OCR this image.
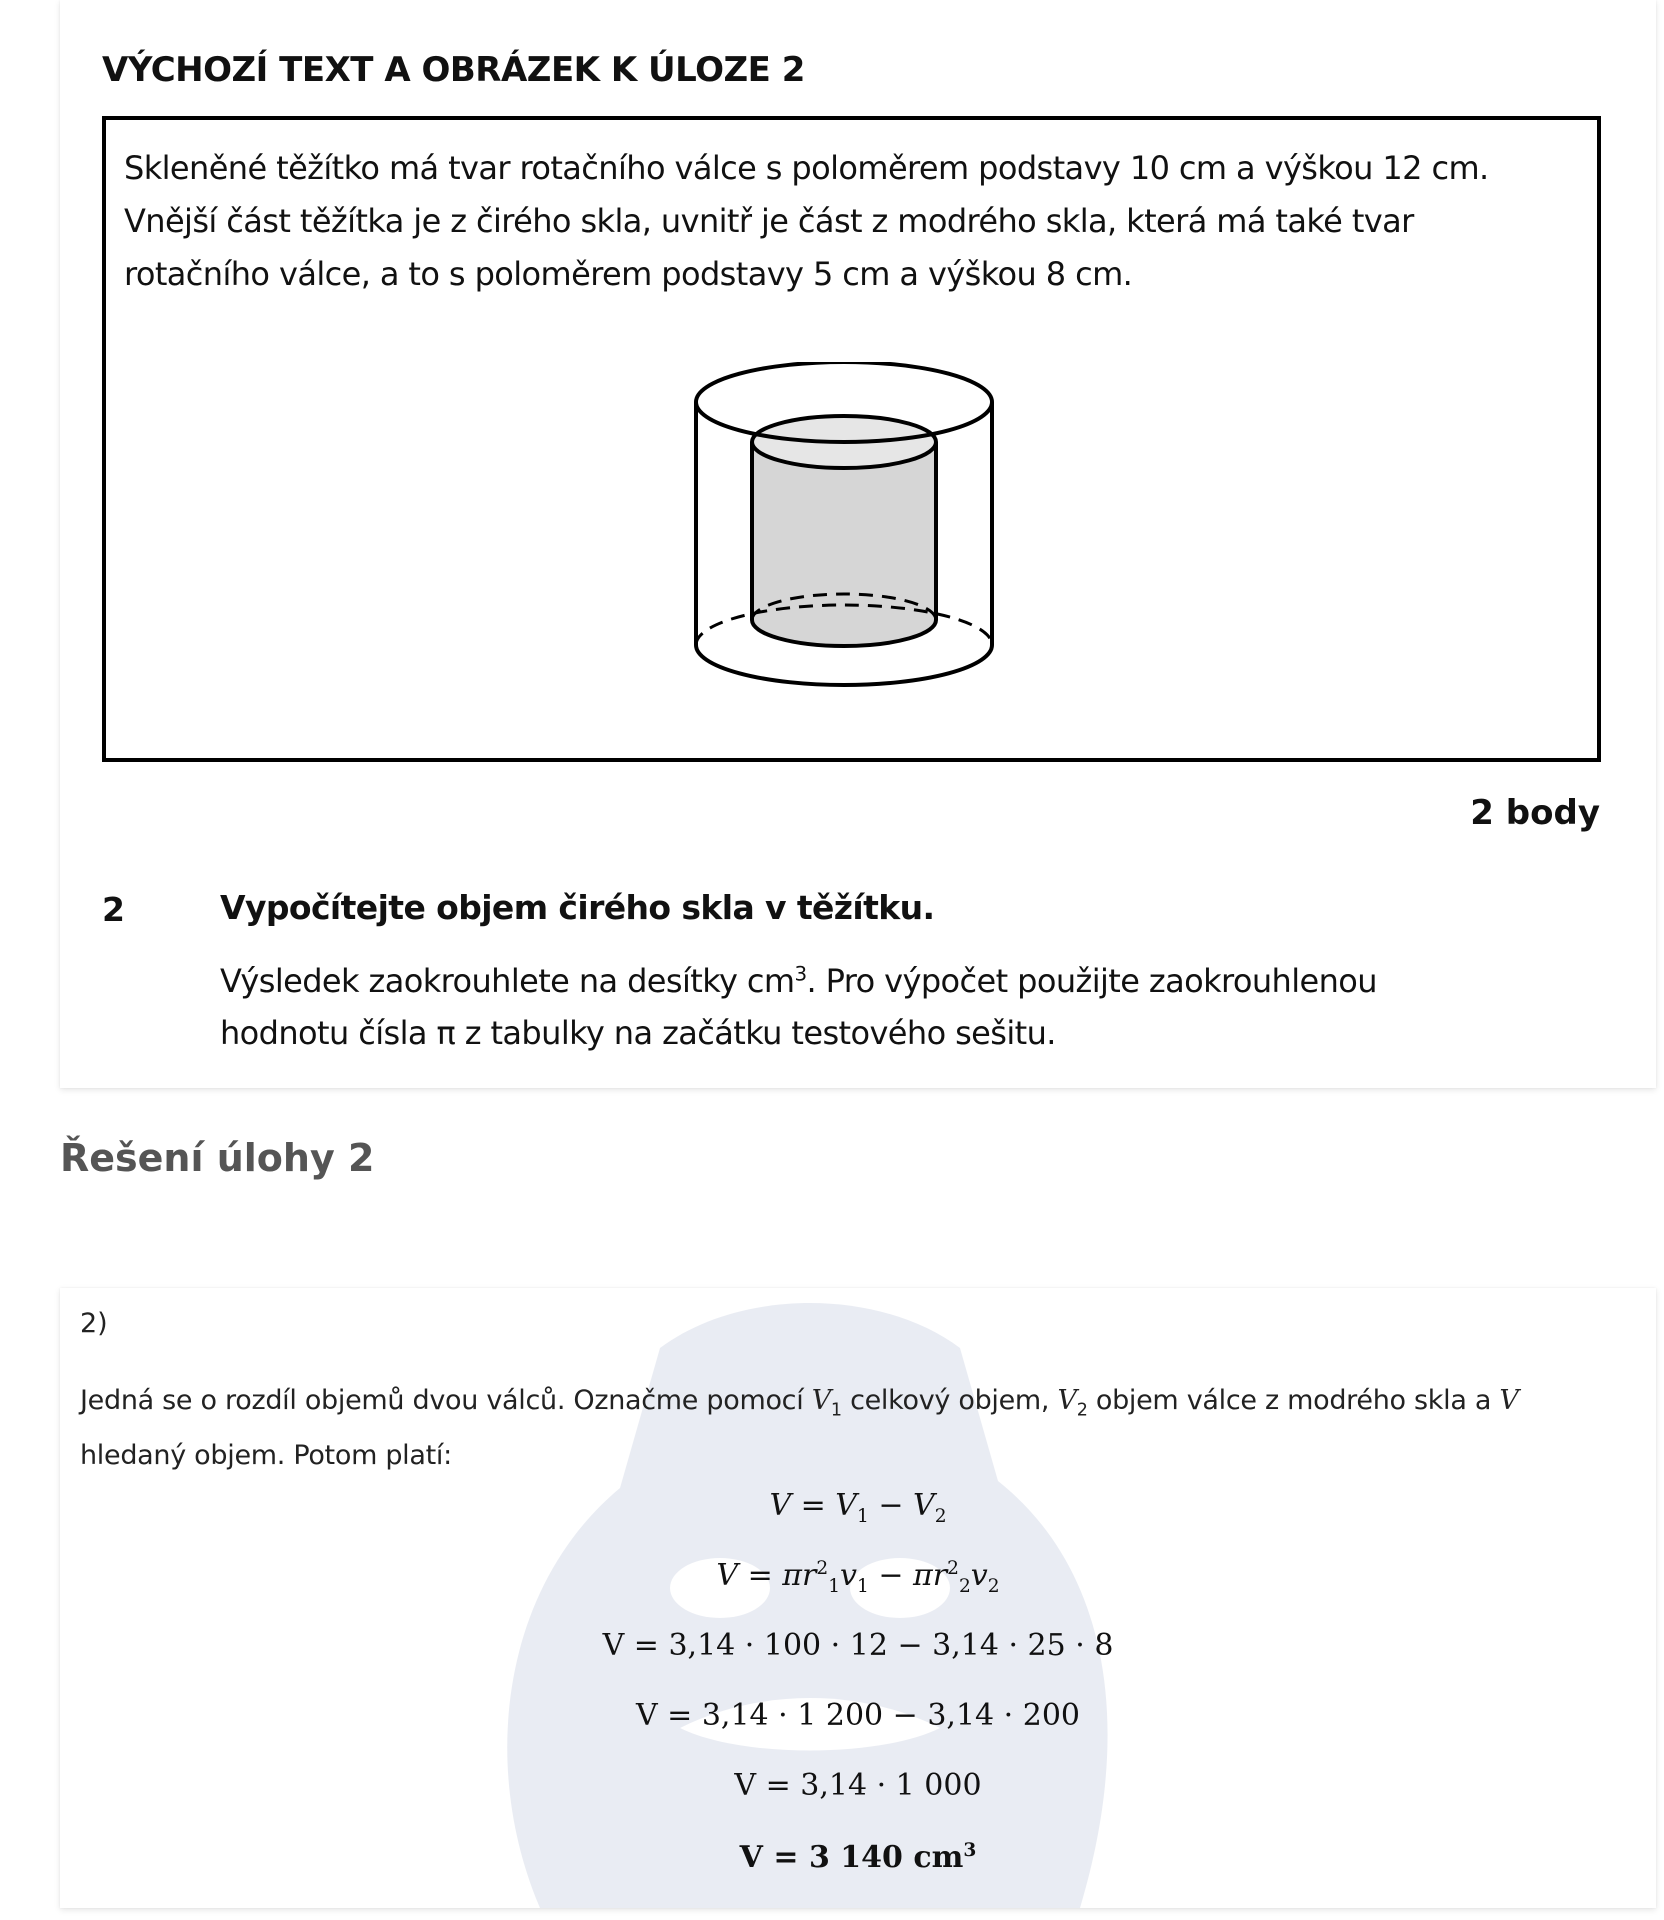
VÝCHOZÍ TEXT A OBRÁZEK K ÚLOZE 2
Skleněné těžítko má tvar rotačního válce s poloměrem podstavy 10 cm a výškou 12 cm.
Vnější část těžítka je z čirého skla, uvnitř je část z modrého skla, která má také tvar
rotačního válce, a to s poloměrem podstavy 5 cm a výškou 8 cm.
2 body
2	Vypočítejte objem čirého skla v těžítku.
Výsledek zaokrouhlete na desítky $cm^3$. Pro výpočet použijte zaokrouhlenou
hodnotu čísla π z tabulky na začátku testového sešitu.
Řešení úlohy 2
2)
Jedná se o rozdíl objemů dvou válců. Označme pomocí $V_1$ celkový objem, $V_2$ objem válce z modrého skla a V
hledaný objem. Potom platí:
$V = V_1 - V_2$
$V = \pi r^2_1v_1 - \pi r^2_2v_2$
V = 3,14 · 100 · 12 − 3,14 · 25 · 8
V = 3,14 · 1 200 − 3,14 · 200
V = 3,14 · 1 000
V = 3 140 $cm^3$
